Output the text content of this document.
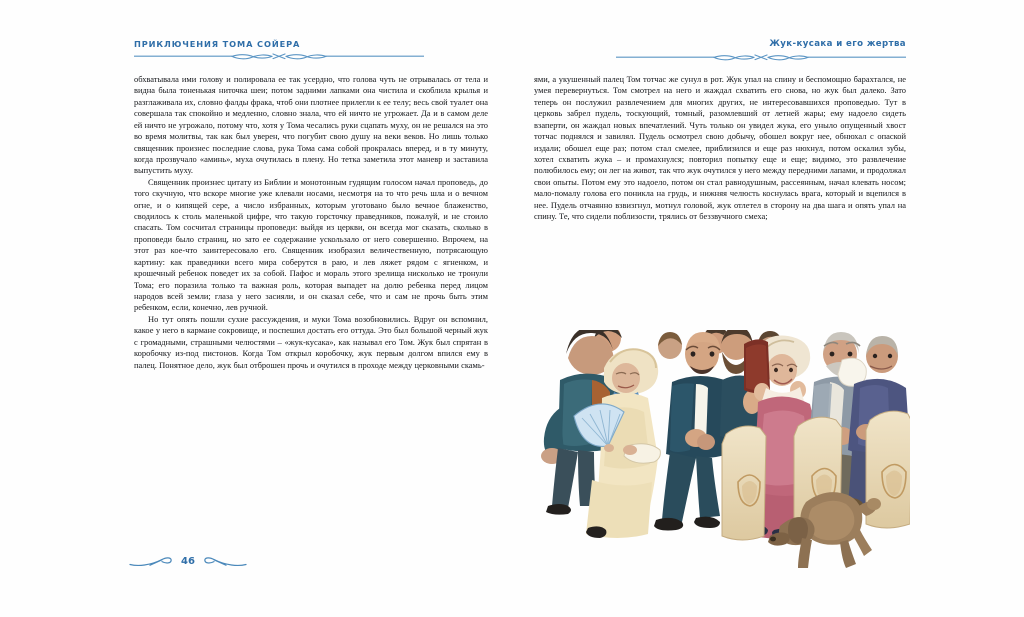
ПРИКЛЮЧЕНИЯ ТОМА СОЙЕРА

обхватывала ими голову и полировала ее так усердно, что голова чуть не отрывалась от тела и видна была тоненькая ниточка шеи; потом задними лапками она чистила и скоблила крылья и разглаживала их, словно фалды фрака, чтоб они плотнее прилегли к ее телу; весь свой туалет она совершала так спокойно и медленно, словно знала, что ей ничто не угрожает. Да и в самом деле ей ничто не угрожало, потому что, хотя у Тома чесались руки сцапать муху, он не решался на это во время молитвы, так как был уверен, что погубит свою душу на веки веков. Но лишь только священник произнес последние слова, рука Тома сама собой прокралась вперед, и в ту минуту, когда прозвучало «аминь», муха очутилась в плену. Но тетка заметила этот маневр и заставила выпустить муху.

Священник произнес цитату из Библии и монотонным гудящим голосом начал проповедь, до того скучную, что вскоре многие уже клевали носами, несмотря на то что речь шла и о вечном огне, и о кипящей сере, а число избранных, которым уготовано было вечное блаженство, сводилось к столь маленькой цифре, что такую горсточку праведников, пожалуй, и не стоило спасать. Том сосчитал страницы проповеди: выйдя из церкви, он всегда мог сказать, сколько в проповеди было страниц, но зато ее содержание ускользало от него совершенно. Впрочем, на этот раз кое-что заинтересовало его. Священник изобразил величественную, потрясающую картину: как праведники всего мира соберутся в раю, и лев ляжет рядом с ягненком, и крошечный ребенок поведет их за собой. Пафос и мораль этого зрелища нисколько не тронули Тома; его поразила только та важная роль, которая выпадет на долю ребенка перед лицом народов всей земли; глаза у него засияли, и он сказал себе, что и сам не прочь быть этим ребенком, если, конечно, лев ручной.

Но тут опять пошли сухие рассуждения, и муки Тома возобновились. Вдруг он вспомнил, какое у него в кармане сокровище, и поспешил достать его оттуда. Это был большой черный жук с громадными, страшными челюстями – «жук-кусака», как называл его Том. Жук был спрятан в коробочку из-под пистонов. Когда Том открыл коробочку, жук первым долгом впился ему в палец. Понятное дело, жук был отброшен прочь и очутился в проходе между церковными скамь-

46
Жук-кусака и его жертва

ями, а укушенный палец Том тотчас же сунул в рот. Жук упал на спину и беспомощно барахтался, не умея перевернуться. Том смотрел на него и жаждал схватить его снова, но жук был далеко. Зато теперь он послужил развлечением для многих других, не интересовавшихся проповедью. Тут в церковь забрел пудель, тоскующий, томный, разомлевший от летней жары; ему надоело сидеть взаперти, он жаждал новых впечатлений. Чуть только он увидел жука, его уныло опущенный хвост тотчас поднялся и завилял. Пудель осмотрел свою добычу, обошел вокруг нее, обнюхал с опаской издали; обошел еще раз; потом стал смелее, приблизился и еще раз нюхнул, потом оскалил зубы, хотел схватить жука – и промахнулся; повторил попытку еще и еще; видимо, это развлечение полюбилось ему; он лег на живот, так что жук очутился у него между передними лапами, и продолжал свои опыты. Потом ему это надоело, потом он стал равнодушным, рассеянным, начал клевать носом; мало-помалу голова его поникла на грудь, и нижняя челюсть коснулась врага, который и вцепился в нее. Пудель отчаянно взвизгнул, мотнул головой, жук отлетел в сторону на два шага и опять упал на спину. Те, что сидели поблизости, трялись от беззвучного смеха;
